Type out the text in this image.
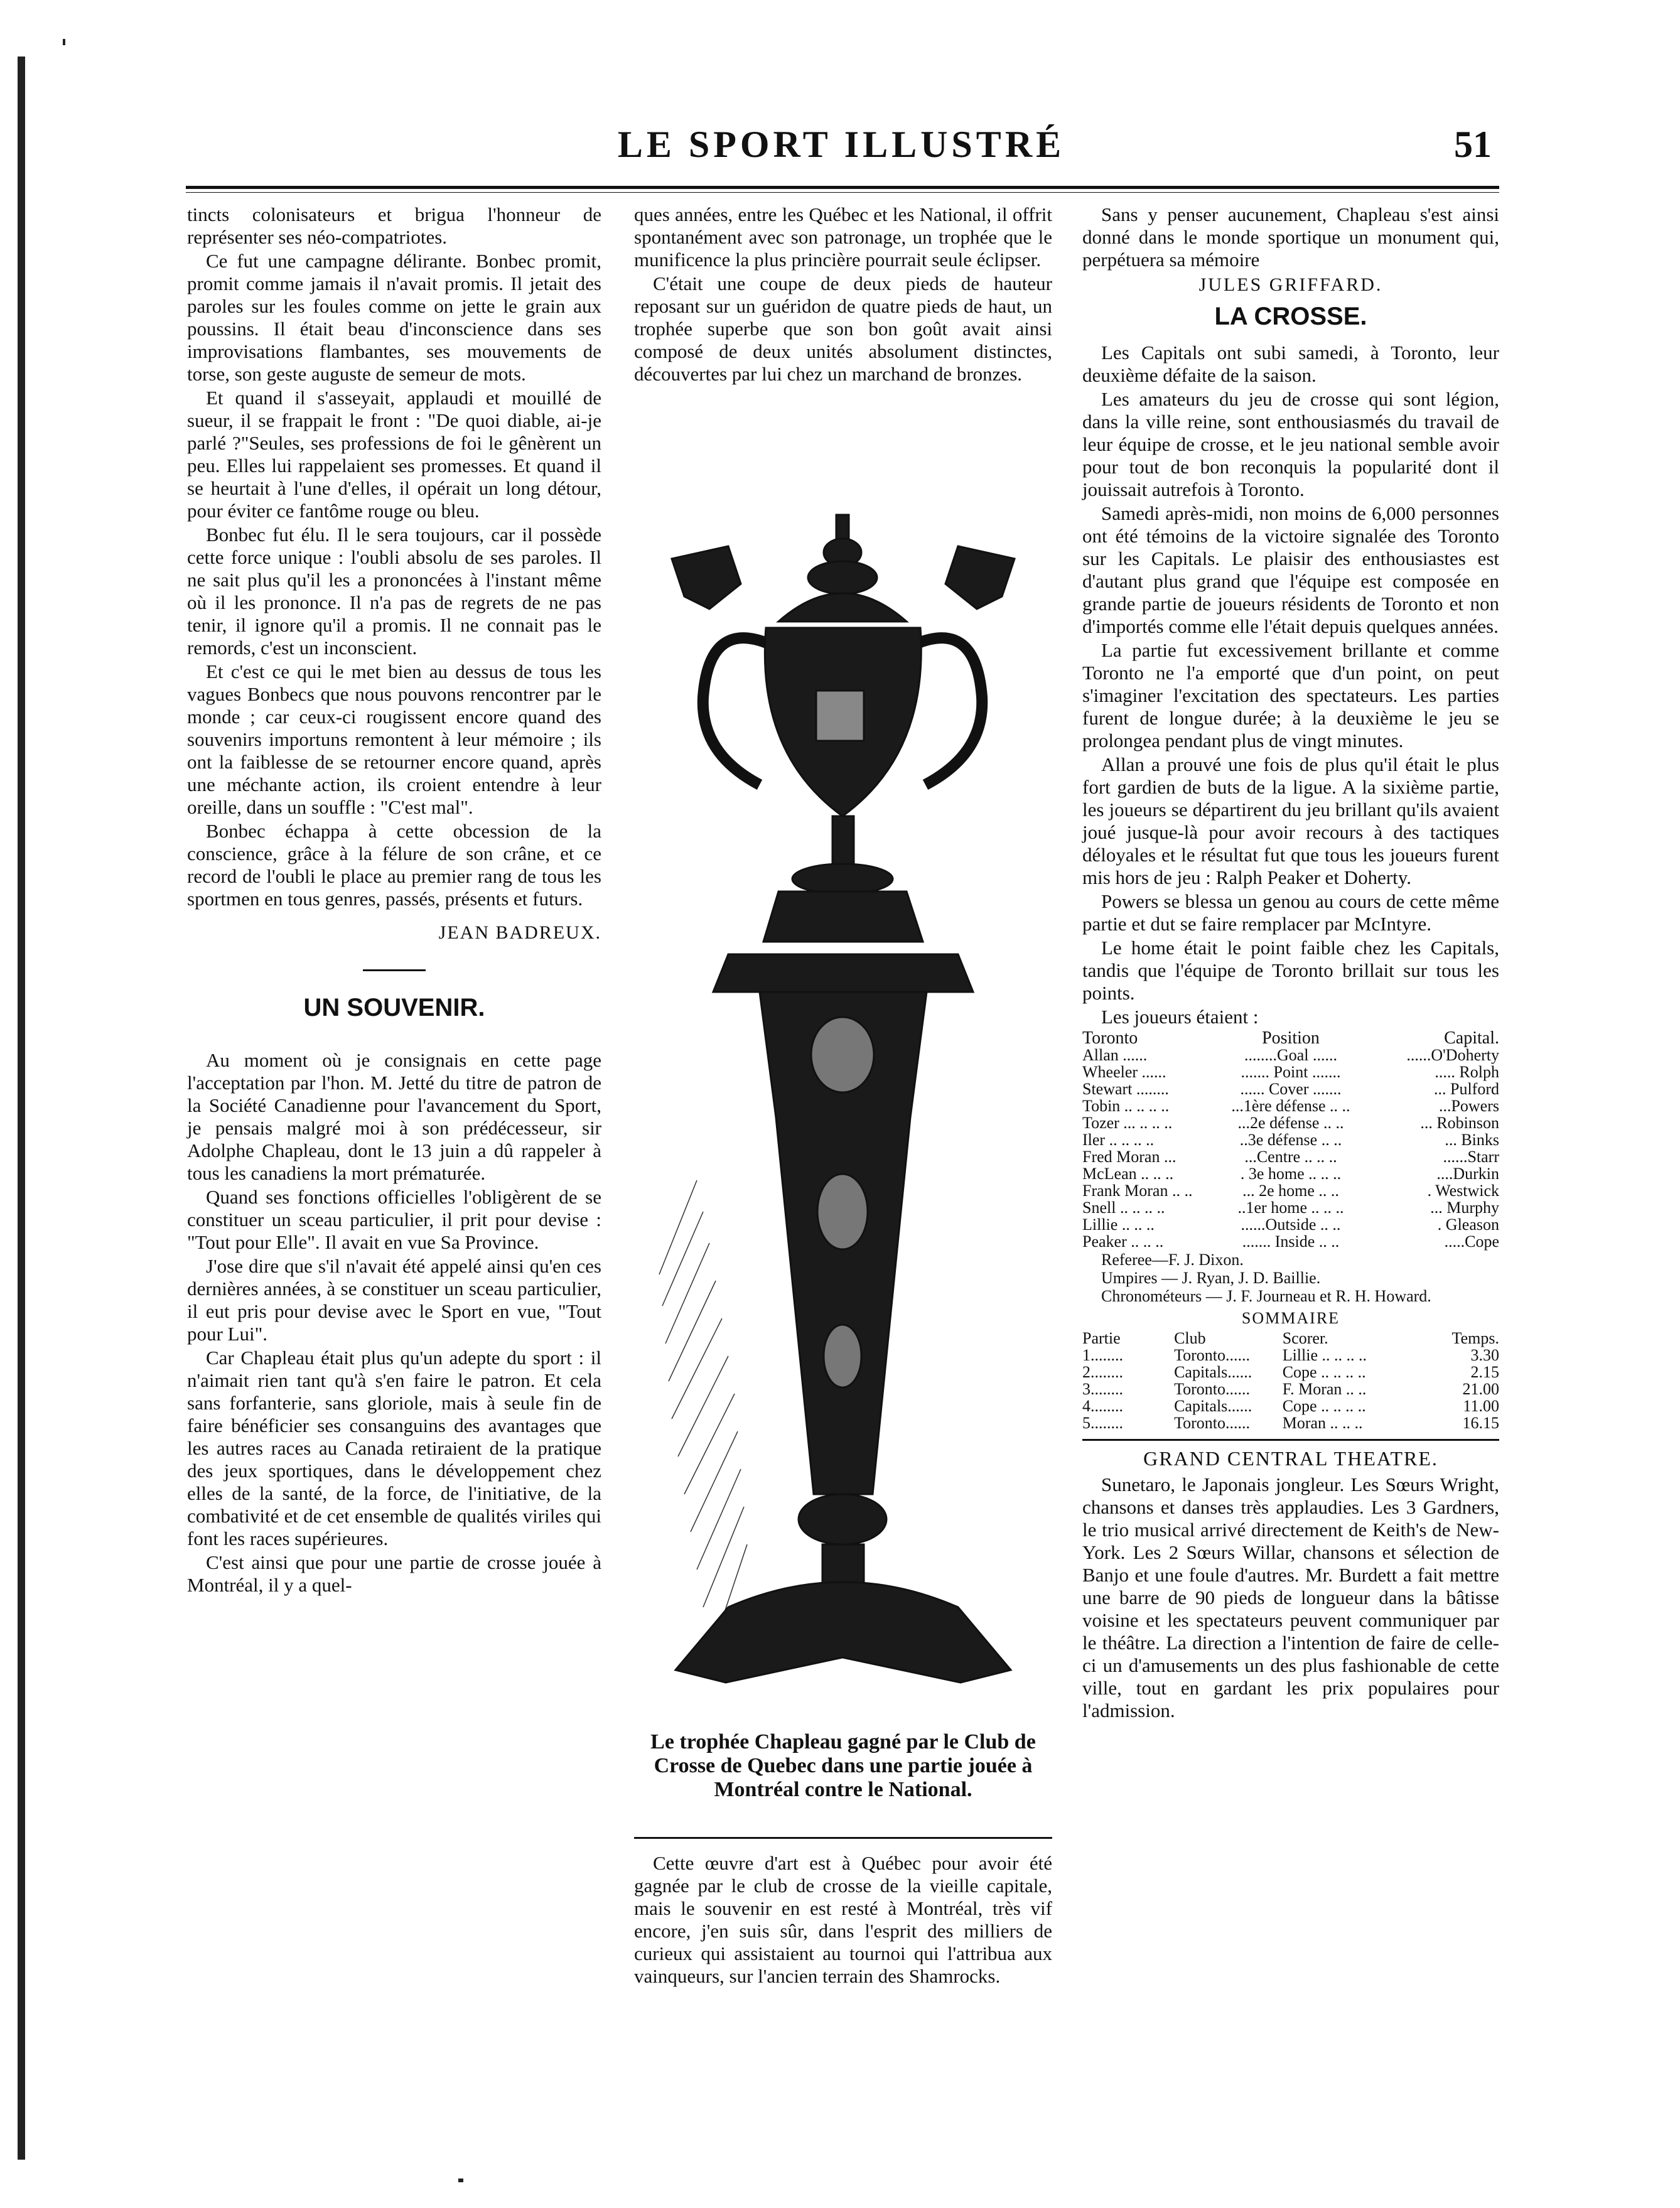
LE SPORT ILLUSTRÉ	51

tincts colonisateurs et brigua l'honneur de représenter ses néo-compatriotes.

Ce fut une campagne délirante. Bonbec promit, promit comme jamais il n'avait promis. Il jetait des paroles sur les foules comme on jette le grain aux poussins. Il était beau d'inconscience dans ses improvisations flambantes, ses mouvements de torse, son geste auguste de semeur de mots.

Et quand il s'asseyait, applaudi et mouillé de sueur, il se frappait le front : "De quoi diable, ai-je parlé ?"Seules, ses professions de foi le gênèrent un peu. Elles lui rappelaient ses promesses. Et quand il se heurtait à l'une d'elles, il opérait un long détour, pour éviter ce fantôme rouge ou bleu.

Bonbec fut élu. Il le sera toujours, car il possède cette force unique : l'oubli absolu de ses paroles. Il ne sait plus qu'il les a prononcées à l'instant même où il les prononce. Il n'a pas de regrets de ne pas tenir, il ignore qu'il a promis. Il ne connait pas le remords, c'est un inconscient.

Et c'est ce qui le met bien au dessus de tous les vagues Bonbecs que nous pouvons rencontrer par le monde ; car ceux-ci rougissent encore quand des souvenirs importuns remontent à leur mémoire ; ils ont la faiblesse de se retourner encore quand, après une méchante action, ils croient entendre à leur oreille, dans un souffle : "C'est mal".

Bonbec échappa à cette obcession de la conscience, grâce à la félure de son crâne, et ce record de l'oubli le place au premier rang de tous les sportmen en tous genres, passés, présents et futurs.

JEAN BADREUX.
UN SOUVENIR.

Au moment où je consignais en cette page l'acceptation par l'hon. M. Jetté du titre de patron de la Société Canadienne pour l'avancement du Sport, je pensais malgré moi à son prédécesseur, sir Adolphe Chapleau, dont le 13 juin a dû rappeler à tous les canadiens la mort prématurée.

Quand ses fonctions officielles l'obligèrent de se constituer un sceau particulier, il prit pour devise : "Tout pour Elle". Il avait en vue Sa Province.

J'ose dire que s'il n'avait été appelé ainsi qu'en ces dernières années, à se constituer un sceau particulier, il eut pris pour devise avec le Sport en vue, "Tout pour Lui".

Car Chapleau était plus qu'un adepte du sport : il n'aimait rien tant qu'à s'en faire le patron. Et cela sans forfanterie, sans gloriole, mais à seule fin de faire bénéficier ses consanguins des avantages que les autres races au Canada retiraient de la pratique des jeux sportiques, dans le développement chez elles de la santé, de la force, de l'initiative, de la combativité et de cet ensemble de qualités viriles qui font les races supérieures.

C'est ainsi que pour une partie de crosse jouée à Montréal, il y a quel-

ques années, entre les Québec et les National, il offrit spontanément avec son patronage, un trophée que le munificence la plus princière pourrait seule éclipser.

C'était une coupe de deux pieds de hauteur reposant sur un guéridon de quatre pieds de haut, un trophée superbe que son bon goût avait ainsi composé de deux unités absolument distinctes, découvertes par lui chez un marchand de bronzes.

Le trophée Chapleau gagné par le Club de Crosse de Quebec dans une partie jouée à Montréal contre le National.

Cette œuvre d'art est à Québec pour avoir été gagnée par le club de crosse de la vieille capitale, mais le souvenir en est resté à Montréal, très vif encore, j'en suis sûr, dans l'esprit des milliers de curieux qui assistaient au tournoi qui l'attribua aux vainqueurs, sur l'ancien terrain des Shamrocks.

Sans y penser aucunement, Chapleau s'est ainsi donné dans le monde sportique un monument qui, perpétuera sa mémoire

JULES GRIFFARD.
LA CROSSE.

Les Capitals ont subi samedi, à Toronto, leur deuxième défaite de la saison.

Les amateurs du jeu de crosse qui sont légion, dans la ville reine, sont enthousiasmés du travail de leur équipe de crosse, et le jeu national semble avoir pour tout de bon reconquis la popularité dont il jouissait autrefois à Toronto.

Samedi après-midi, non moins de 6,000 personnes ont été témoins de la victoire signalée des Toronto sur les Capitals. Le plaisir des enthousiastes est d'autant plus grand que l'équipe est composée en grande partie de joueurs résidents de Toronto et non d'importés comme elle l'était depuis quelques années.

La partie fut excessivement brillante et comme Toronto ne l'a emporté que d'un point, on peut s'imaginer l'excitation des spectateurs. Les parties furent de longue durée; à la deuxième le jeu se prolongea pendant plus de vingt minutes.

Allan a prouvé une fois de plus qu'il était le plus fort gardien de buts de la ligue. A la sixième partie, les joueurs se départirent du jeu brillant qu'ils avaient joué jusque-là pour avoir recours à des tactiques déloyales et le résultat fut que tous les joueurs furent mis hors de jeu : Ralph Peaker et Doherty.

Powers se blessa un genou au cours de cette même partie et dut se faire remplacer par McIntyre.

Le home était le point faible chez les Capitals, tandis que l'équipe de Toronto brillait sur tous les points.

Les joueurs étaient :

Toronto	Position	Capital.
Allan ......	........Goal ......	......O'Doherty
Wheeler ......	....... Point .......	..... Rolph
Stewart ........	...... Cover .......	... Pulford
Tobin .. .. .. ..	...1ère défense .. ..	...Powers
Tozer ... .. .. ..	...2e défense .. ..	... Robinson
Iler .. .. .. ..	..3e défense .. ..	... Binks
Fred Moran ...	...Centre .. .. ..	......Starr
McLean .. .. ..	. 3e home .. .. ..	....Durkin
Frank Moran .. ..	... 2e home .. ..	. Westwick
Snell .. .. .. ..	..1er home .. .. ..	... Murphy
Lillie .. .. ..	......Outside .. ..	. Gleason
Peaker .. .. ..	....... Inside .. ..	.....Cope
Referee—F. J. Dixon.
Umpires — J. Ryan, J. D. Baillie.
Chronométeurs — J. F. Journeau et R. H. Howard.
SOMMAIRE
Partie	Club	Scorer.	Temps.
1........	Toronto......	Lillie .. .. .. ..	3.30
2........	Capitals......	Cope .. .. .. ..	2.15
3........	Toronto......	F. Moran .. ..	21.00
4........	Capitals......	Cope .. .. .. ..	11.00
5........	Toronto......	Moran .. .. ..	16.15
GRAND CENTRAL THEATRE.

Sunetaro, le Japonais jongleur. Les Sœurs Wright, chansons et danses très applaudies. Les 3 Gardners, le trio musical arrivé directement de Keith's de New-York. Les 2 Sœurs Willar, chansons et sélection de Banjo et une foule d'autres. Mr. Burdett a fait mettre une barre de 90 pieds de longueur dans la bâtisse voisine et les spectateurs peuvent communiquer par le théâtre. La direction a l'intention de faire de celle-ci un d'amusements un des plus fashionable de cette ville, tout en gardant les prix populaires pour l'admission.
